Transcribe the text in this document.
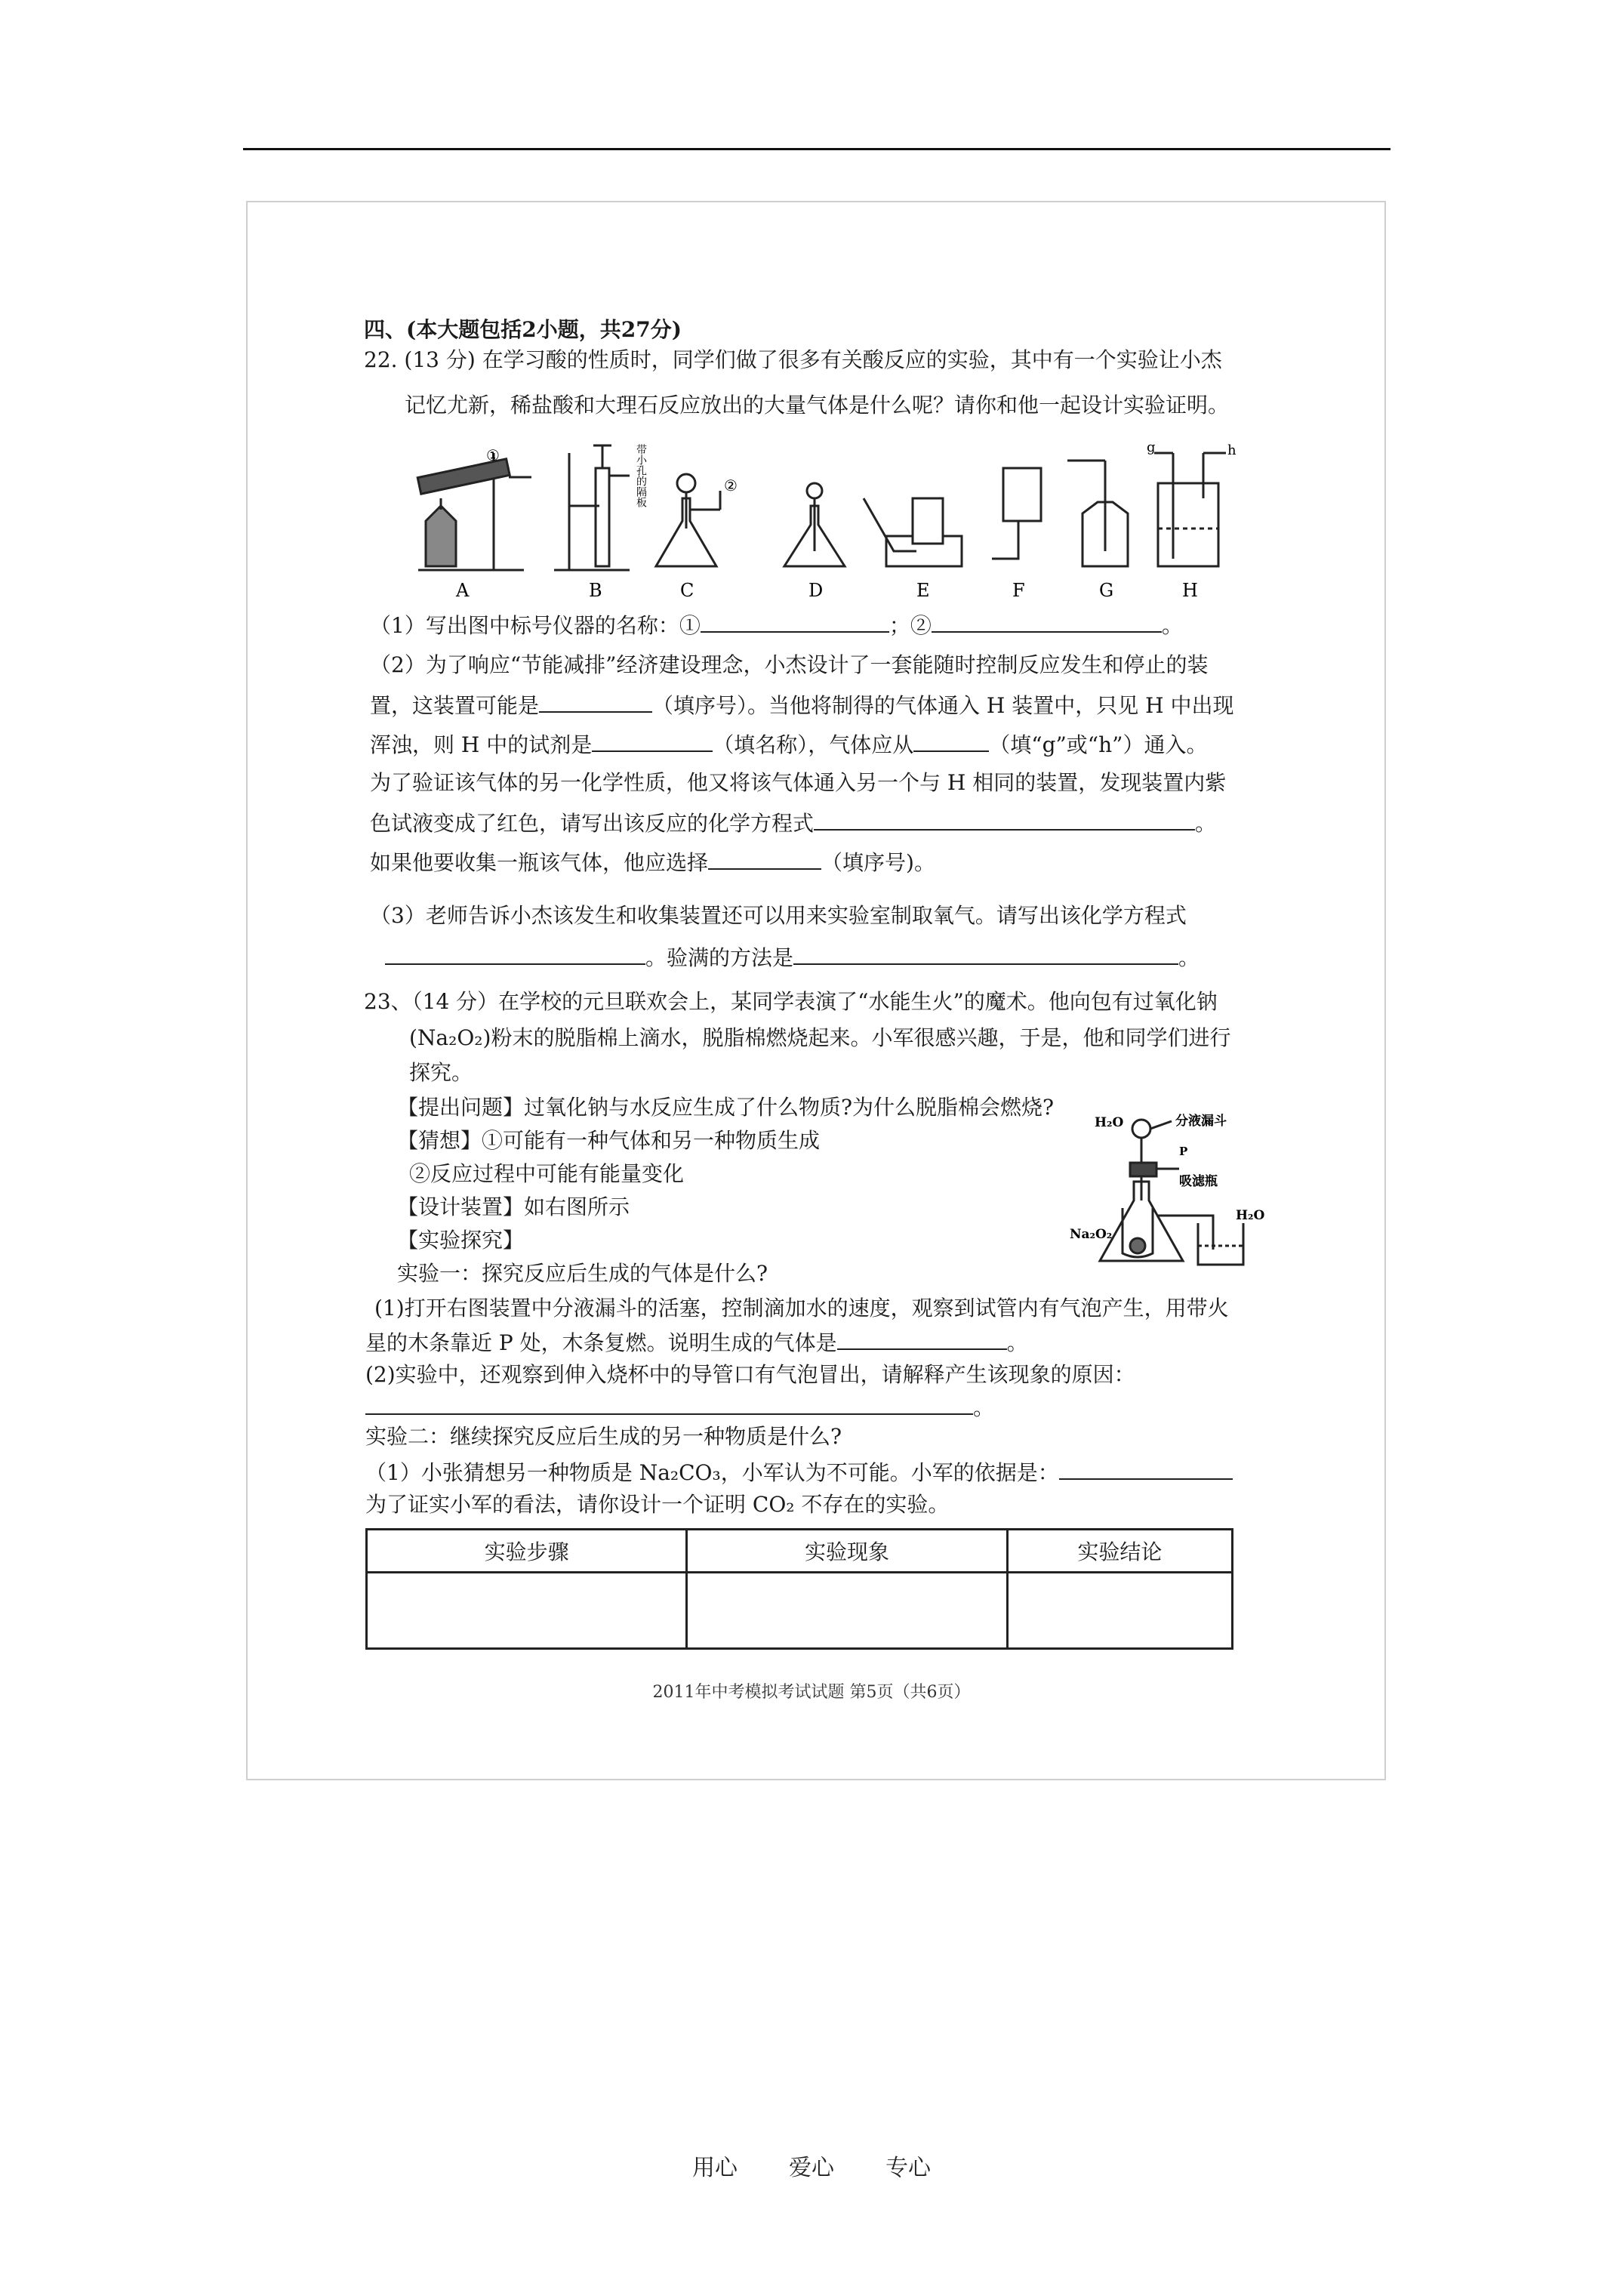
四、(本大题包括2小题，共27分)
22. (13 分) 在学习酸的性质时，同学们做了很多有关酸反应的实验，其中有一个实验让小杰
记忆尤新，稀盐酸和大理石反应放出的大量气体是什么呢？请你和他一起设计实验证明。
A	B	C	D	E	F	G	H
①
②
g	h
带小孔的隔板
（1）写出图中标号仪器的名称：①	；②	。
（2）为了响应“节能减排”经济建设理念，小杰设计了一套能随时控制反应发生和停止的装
置，这装置可能是	（填序号）。当他将制得的气体通入 H 装置中，只见 H 中出现
浑浊，则 H 中的试剂是	（填名称），气体应从	（填“g”或“h”）通入。
为了验证该气体的另一化学性质，他又将该气体通入另一个与 H 相同的装置，发现装置内紫
色试液变成了红色，请写出该反应的化学方程式	。
如果他要收集一瓶该气体，他应选择	（填序号)。
（3）老师告诉小杰该发生和收集装置还可以用来实验室制取氧气。请写出该化学方程式
。验满的方法是	。
23、（14 分）在学校的元旦联欢会上，某同学表演了“水能生火”的魔术。他向包有过氧化钠
(Na₂O₂)粉末的脱脂棉上滴水，脱脂棉燃烧起来。小军很感兴趣，于是，他和同学们进行
探究。
【提出问题】过氧化钠与水反应生成了什么物质?为什么脱脂棉会燃烧?
【猜想】①可能有一种气体和另一种物质生成
②反应过程中可能有能量变化
【设计装置】如右图所示
【实验探究】
实验一：探究反应后生成的气体是什么?
H₂O	分液漏斗
P
吸滤瓶
Na₂O₂
H₂O
(1)打开右图装置中分液漏斗的活塞，控制滴加水的速度，观察到试管内有气泡产生，用带火
星的木条靠近 P 处，木条复燃。说明生成的气体是	。
(2)实验中，还观察到伸入烧杯中的导管口有气泡冒出，请解释产生该现象的原因：
。
实验二：继续探究反应后生成的另一种物质是什么?
（1）小张猜想另一种物质是 Na₂CO₃，小军认为不可能。小军的依据是：
为了证实小军的看法，请你设计一个证明 CO₂ 不存在的实验。
实验步骤	实验现象	实验结论

2011年中考模拟考试试题 第5页（共6页）
用心 爱心 专心
